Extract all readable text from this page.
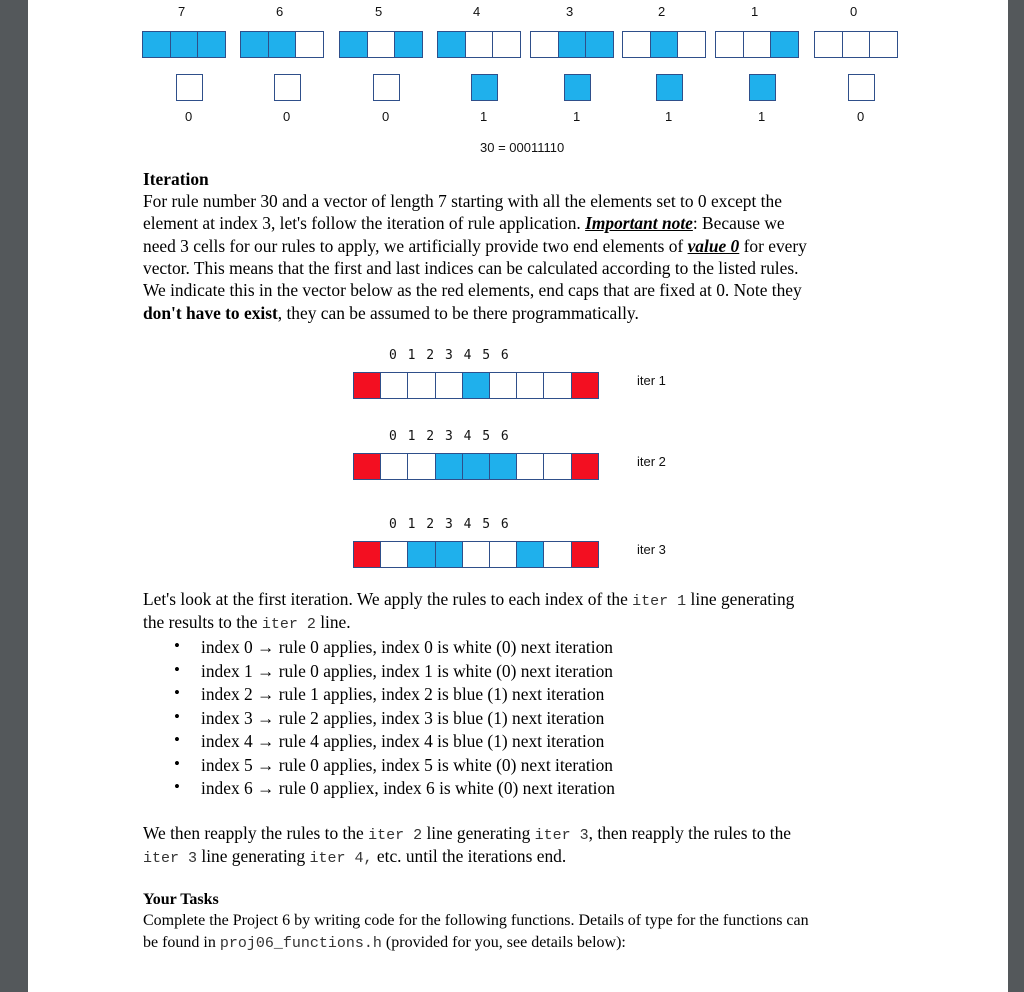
7
0
6
0
5
0
4
1
3
1
2
1
1
1
0
0
30 = 00011110
Iteration
For rule number 30 and a vector of length 7 starting with all the elements set to 0 except the
element at index 3, let's follow the iteration of rule application. Important note: Because we
need 3 cells for our rules to apply, we artificially provide two end elements of value 0 for every
vector. This means that the first and last indices can be calculated according to the listed rules.
We indicate this in the vector below as the red elements, end caps that are fixed at 0. Note they
don't have to exist, they can be assumed to be there programmatically.
0 1 2 3 4 5 6
iter 1
0 1 2 3 4 5 6
iter 2
0 1 2 3 4 5 6
iter 3
Let's look at the first iteration. We apply the rules to each index of the iter 1 line generating
the results to the iter 2 line.
• index 0 → rule 0 applies, index 0 is white (0) next iteration
• index 1 → rule 0 applies, index 1 is white (0) next iteration
• index 2 → rule 1 applies, index 2 is blue (1) next iteration
• index 3 → rule 2 applies, index 3 is blue (1) next iteration
• index 4 → rule 4 applies, index 4 is blue (1) next iteration
• index 5 → rule 0 applies, index 5 is white (0) next iteration
• index 6 → rule 0 appliex, index 6 is white (0) next iteration
We then reapply the rules to the iter 2 line generating iter 3, then reapply the rules to the
iter 3 line generating iter 4, etc. until the iterations end.
Your Tasks
Complete the Project 6 by writing code for the following functions. Details of type for the functions can
be found in proj06_functions.h (provided for you, see details below):
